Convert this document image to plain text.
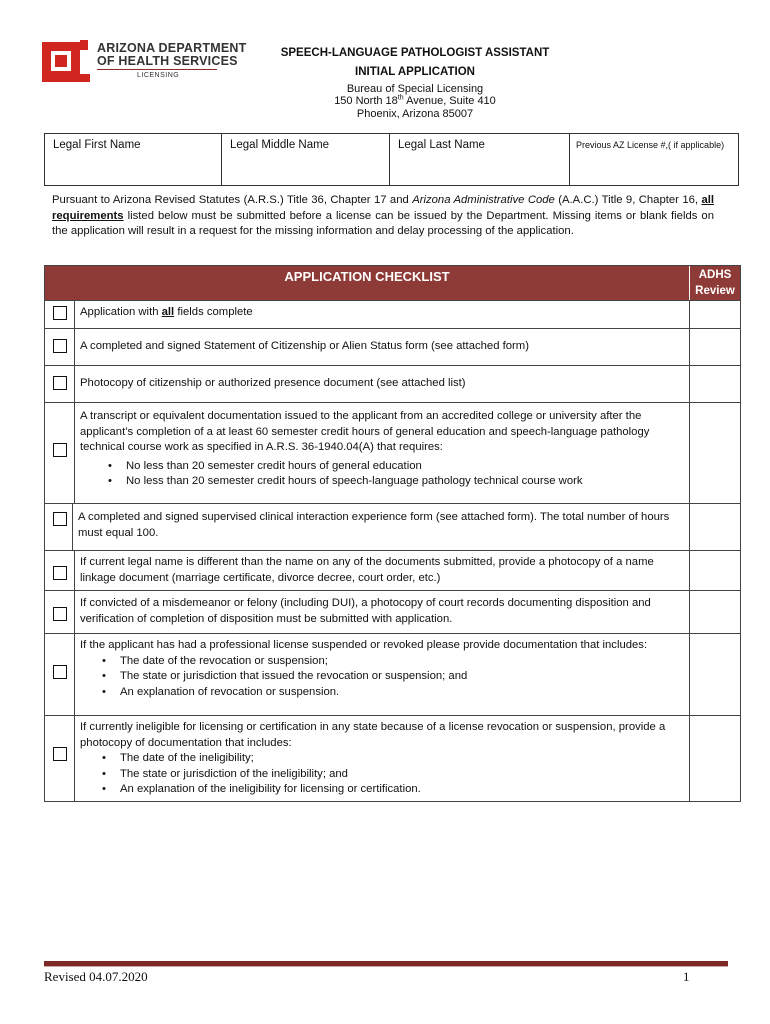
ARIZONA DEPARTMENT
OF HEALTH SERVICES
LICENSING
SPEECH-LANGUAGE PATHOLOGIST ASSISTANT
INITIAL APPLICATION
Bureau of Special Licensing
150 North 18th Avenue, Suite 410
Phoenix, Arizona 85007
Legal First Name	Legal Middle Name	Legal Last Name	Previous AZ License #,( if applicable)
Pursuant to Arizona Revised Statutes (A.R.S.) Title 36, Chapter 17 and Arizona Administrative Code (A.A.C.) Title 9, Chapter 16, all requirements listed below must be submitted before a license can be issued by the Department. Missing items or blank fields on the application will result in a request for the missing information and delay processing of the application.
APPLICATION CHECKLIST	ADHS Review
Application with all fields complete
A completed and signed Statement of Citizenship or Alien Status form (see attached form)
Photocopy of citizenship or authorized presence document (see attached list)
A transcript or equivalent documentation issued to the applicant from an accredited college or university after the applicant’s completion of a at least 60 semester credit hours of general education and speech-language pathology technical course work as specified in A.R.S. 36-1940.04(A) that requires:
• No less than 20 semester credit hours of general education
• No less than 20 semester credit hours of speech-language pathology technical course work
A completed and signed supervised clinical interaction experience form (see attached form). The total number of hours must equal 100.
If current legal name is different than the name on any of the documents submitted, provide a photocopy of a name linkage document (marriage certificate, divorce decree, court order, etc.)
If convicted of a misdemeanor or felony (including DUI), a photocopy of court records documenting disposition and verification of completion of disposition must be submitted with application.
If the applicant has had a professional license suspended or revoked please provide documentation that includes:
• The date of the revocation or suspension;
• The state or jurisdiction that issued the revocation or suspension; and
• An explanation of revocation or suspension.
If currently ineligible for licensing or certification in any state because of a license revocation or suspension, provide a photocopy of documentation that includes:
• The date of the ineligibility;
• The state or jurisdiction of the ineligibility; and
• An explanation of the ineligibility for licensing or certification.
Revised 04.07.2020	1
